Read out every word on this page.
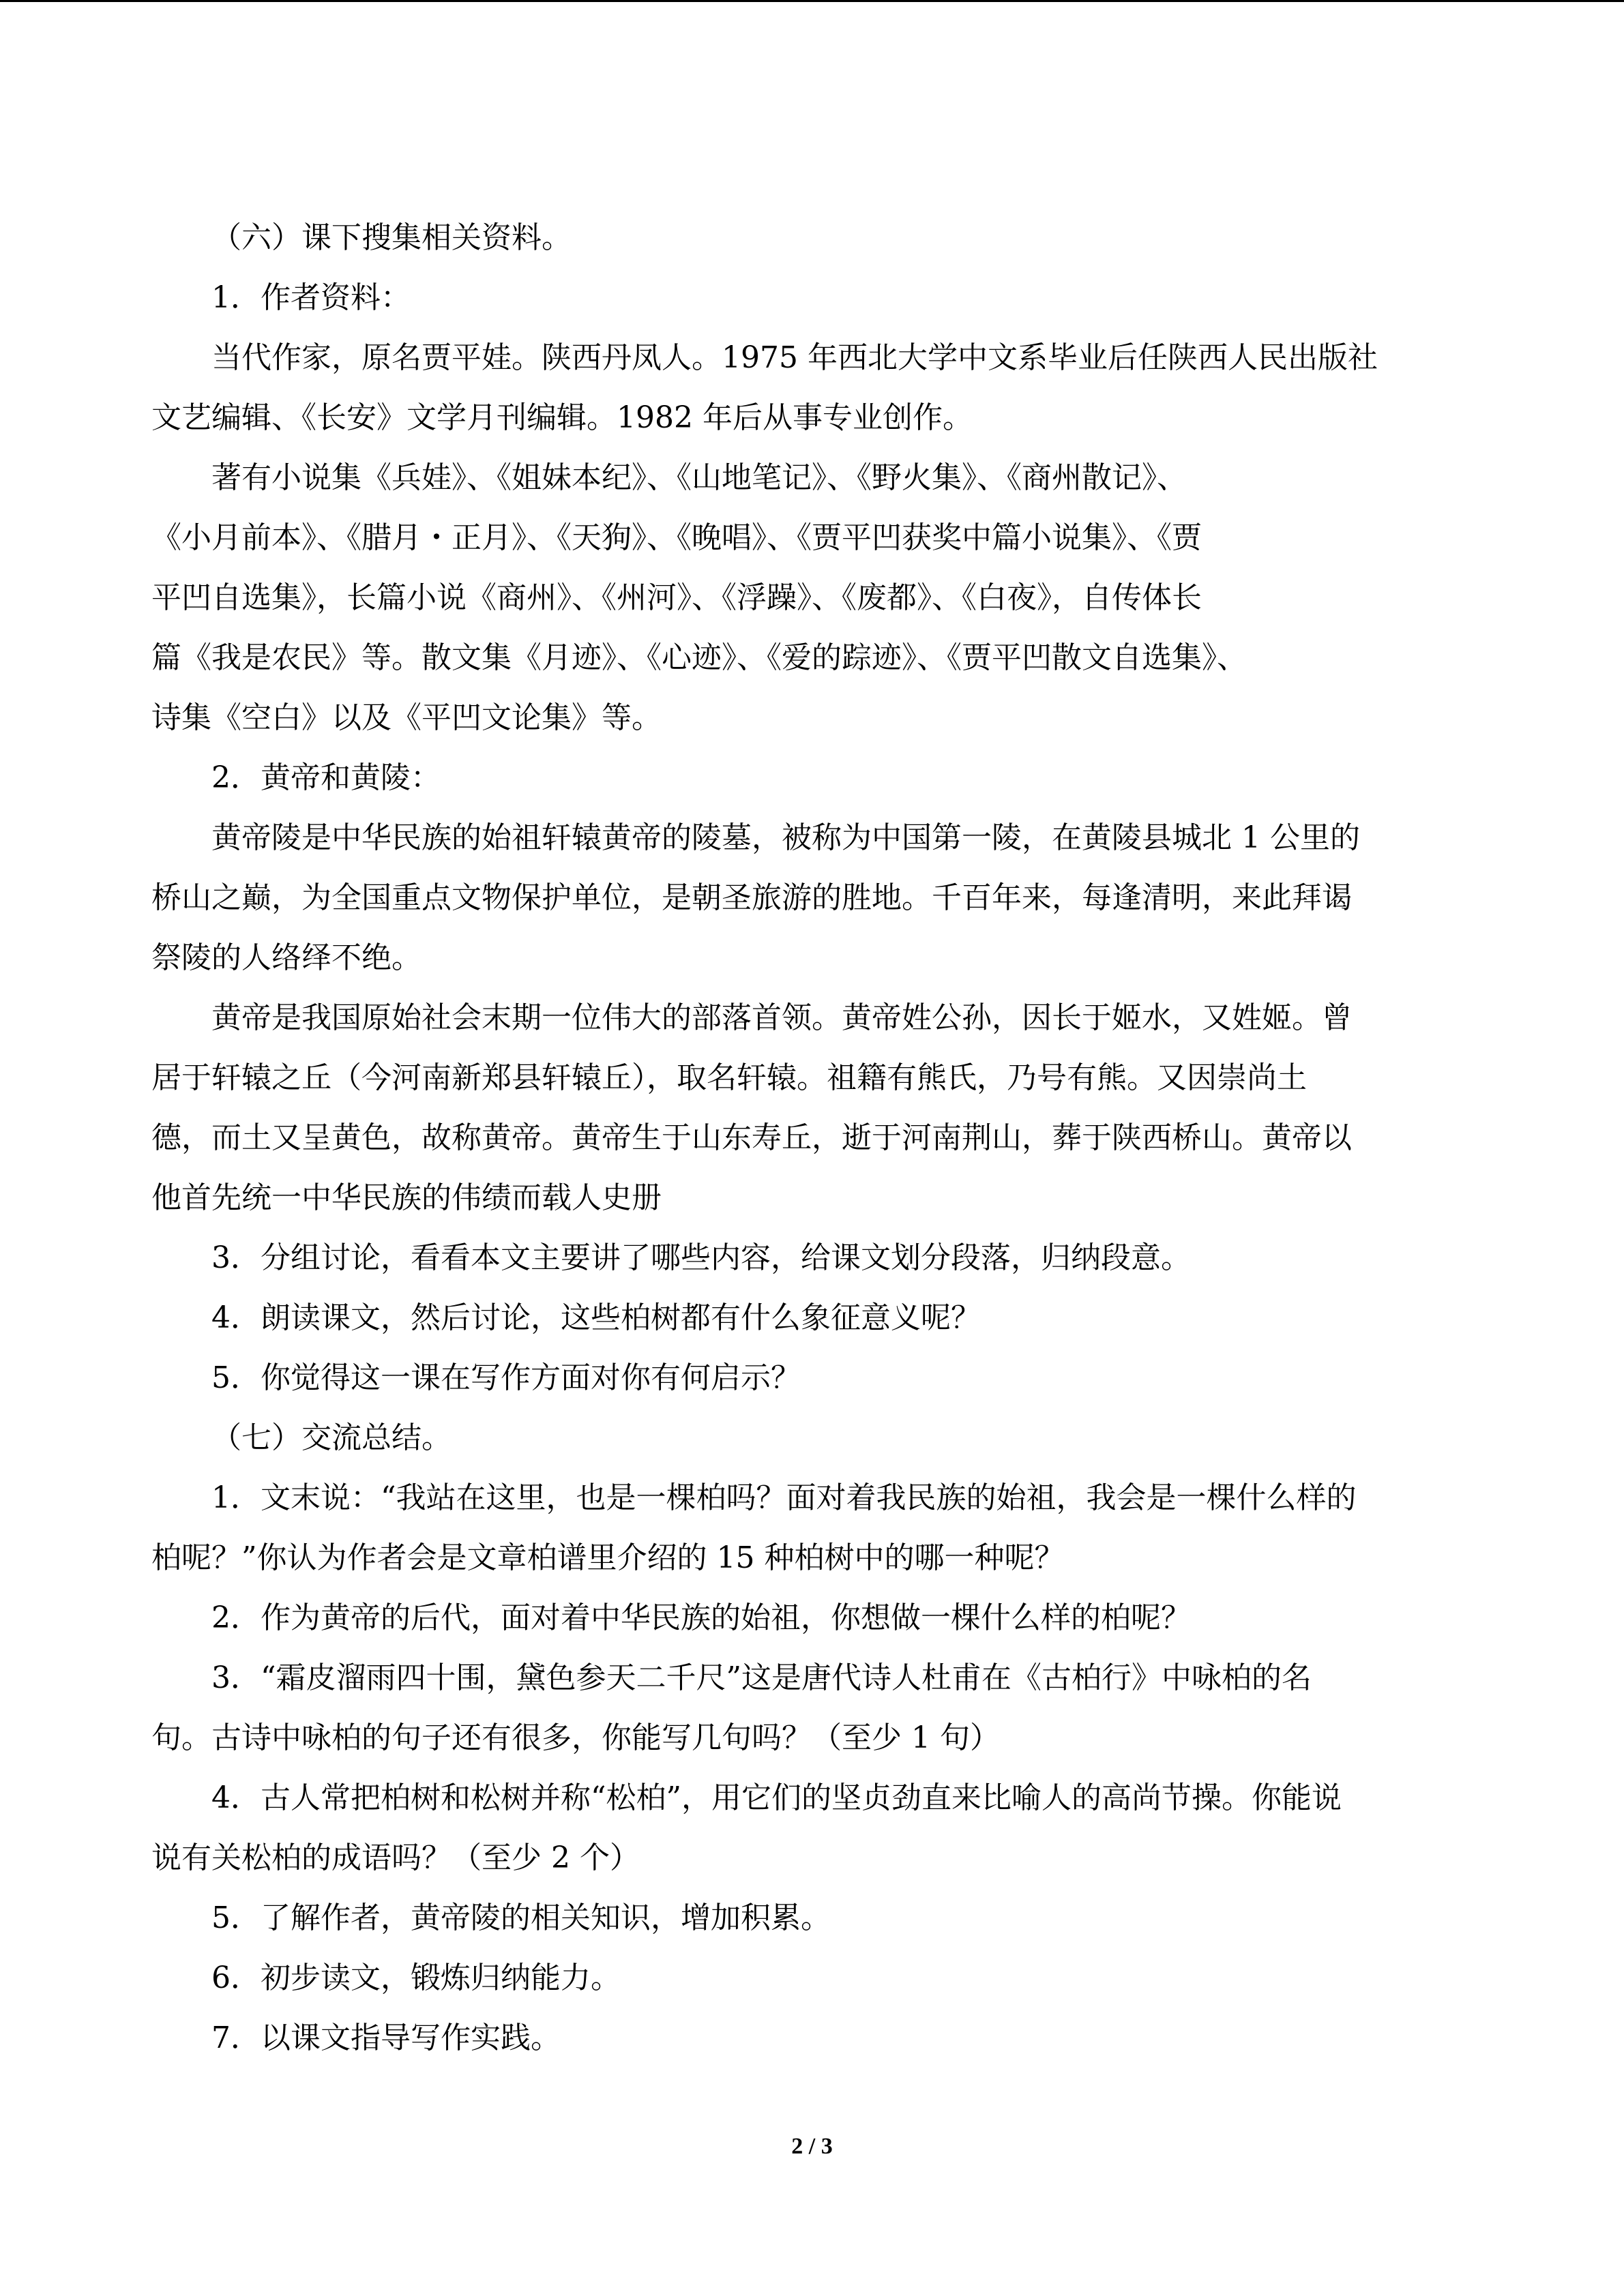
（六）课下搜集相关资料。
1．作者资料：
当代作家，原名贾平娃。陕西丹凤人。1975 年西北大学中文系毕业后任陕西人民出版社
文艺编辑、《长安》文学月刊编辑。1982 年后从事专业创作。
著有小说集《兵娃》、《姐妹本纪》、《山地笔记》、《野火集》、《商州散记》、
《小月前本》、《腊月・正月》、《天狗》、《晚唱》、《贾平凹获奖中篇小说集》、《贾
平凹自选集》，长篇小说《商州》、《州河》、《浮躁》、《废都》、《白夜》，自传体长
篇《我是农民》等。散文集《月迹》、《心迹》、《爱的踪迹》、《贾平凹散文自选集》、
诗集《空白》以及《平凹文论集》等。
2．黄帝和黄陵：
黄帝陵是中华民族的始祖轩辕黄帝的陵墓，被称为中国第一陵，在黄陵县城北 1 公里的
桥山之巅，为全国重点文物保护单位，是朝圣旅游的胜地。千百年来，每逢清明，来此拜谒
祭陵的人络绎不绝。
黄帝是我国原始社会末期一位伟大的部落首领。黄帝姓公孙，因长于姬水，又姓姬。曾
居于轩辕之丘（今河南新郑县轩辕丘），取名轩辕。祖籍有熊氏，乃号有熊。又因崇尚土
德，而土又呈黄色，故称黄帝。黄帝生于山东寿丘，逝于河南荆山，葬于陕西桥山。黄帝以
他首先统一中华民族的伟绩而载人史册
3．分组讨论，看看本文主要讲了哪些内容，给课文划分段落，归纳段意。
4．朗读课文，然后讨论，这些柏树都有什么象征意义呢？
5．你觉得这一课在写作方面对你有何启示？
（七）交流总结。
1．文末说：“我站在这里，也是一棵柏吗？面对着我民族的始祖，我会是一棵什么样的
柏呢？”你认为作者会是文章柏谱里介绍的 15 种柏树中的哪一种呢？
2．作为黄帝的后代，面对着中华民族的始祖，你想做一棵什么样的柏呢？
3．“霜皮溜雨四十围，黛色参天二千尺”这是唐代诗人杜甫在《古柏行》中咏柏的名
句。古诗中咏柏的句子还有很多，你能写几句吗？（至少 1 句）
4．古人常把柏树和松树并称“松柏”，用它们的坚贞劲直来比喻人的高尚节操。你能说
说有关松柏的成语吗？（至少 2 个）
5．了解作者，黄帝陵的相关知识，增加积累。
6．初步读文，锻炼归纳能力。
7．以课文指导写作实践。
2 / 3
